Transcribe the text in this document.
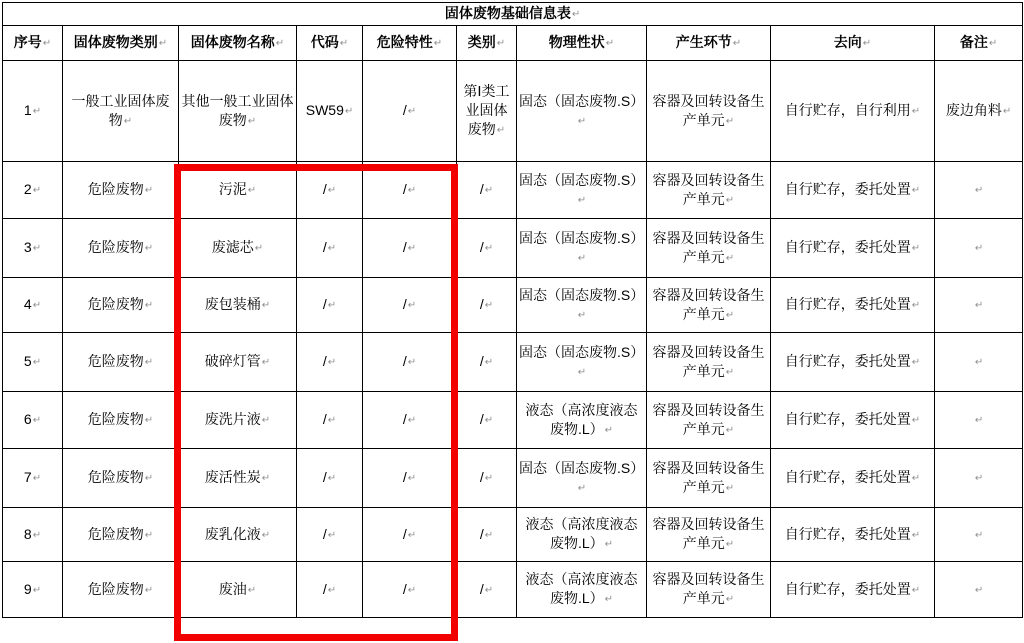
固体废物基础信息表↵									
序号↵	固体废物类别↵	固体废物名称↵	代码↵	危险特性↵	类别↵	物理性状↵	产生环节↵	去向↵	备注↵
1↵	一般工业固体废物↵	其他一般工业固体废物↵	SW59↵	/↵	第Ⅰ类工业固体废物↵	固态（固态废物.S）↵	容器及回转设备生产单元↵	自行贮存，自行利用↵	废边角料↵
2↵	危险废物↵	污泥↵	/↵	/↵	/↵	固态（固态废物.S）↵	容器及回转设备生产单元↵	自行贮存，委托处置↵	↵
3↵	危险废物↵	废滤芯↵	/↵	/↵	/↵	固态（固态废物.S）↵	容器及回转设备生产单元↵	自行贮存，委托处置↵	↵
4↵	危险废物↵	废包装桶↵	/↵	/↵	/↵	固态（固态废物.S）↵	容器及回转设备生产单元↵	自行贮存，委托处置↵	↵
5↵	危险废物↵	破碎灯管↵	/↵	/↵	/↵	固态（固态废物.S）↵	容器及回转设备生产单元↵	自行贮存，委托处置↵	↵
6↵	危险废物↵	废洗片液↵	/↵	/↵	/↵	液态（高浓度液态废物.L）↵	容器及回转设备生产单元↵	自行贮存，委托处置↵	↵
7↵	危险废物↵	废活性炭↵	/↵	/↵	/↵	固态（固态废物.S）↵	容器及回转设备生产单元↵	自行贮存，委托处置↵	↵
8↵	危险废物↵	废乳化液↵	/↵	/↵	/↵	液态（高浓度液态废物.L）↵	容器及回转设备生产单元↵	自行贮存，委托处置↵	↵
9↵	危险废物↵	废油↵	/↵	/↵	/↵	液态（高浓度液态废物.L）↵	容器及回转设备生产单元↵	自行贮存，委托处置↵	↵
